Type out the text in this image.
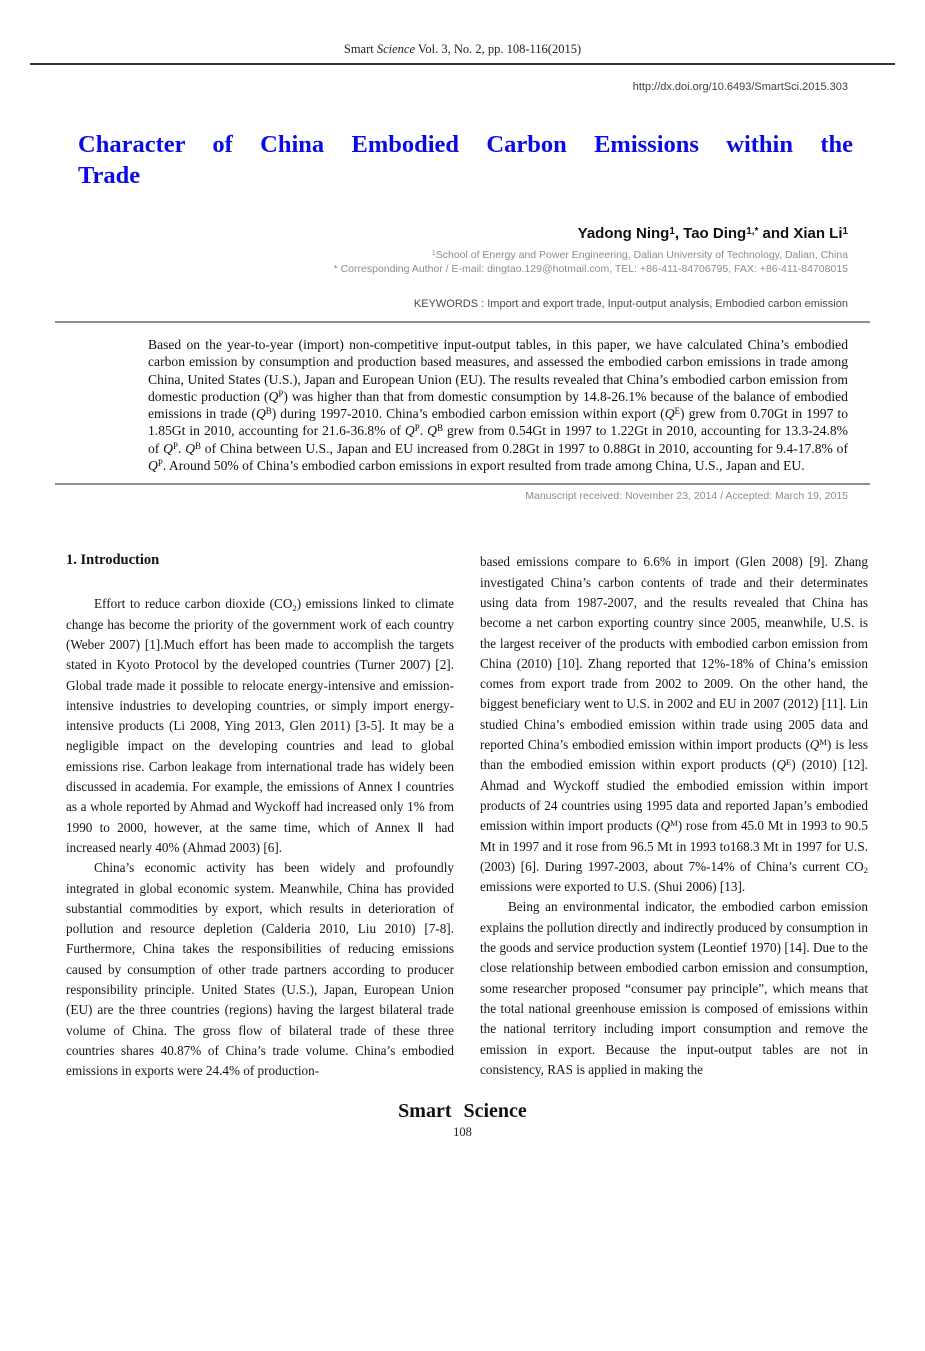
Smart Science Vol. 3, No. 2, pp. 108-116(2015)
http://dx.doi.org/10.6493/SmartSci.2015.303
Character of China Embodied Carbon Emissions within the
Trade
Yadong Ning$^1$, Tao Ding$^{1,*}$ and Xian Li$^1$
$^1$School of Energy and Power Engineering, Dalian University of Technology, Dalian, China
* Corresponding Author / E-mail: dingtao.129@hotmail.com, TEL: +86-411-84706795, FAX: +86-411-84708015
KEYWORDS : Import and export trade, Input-output analysis, Embodied carbon emission
Based on the year-to-year (import) non-competitive input-output tables, in this paper, we have calculated China’s embodied carbon emission by consumption and production based measures, and assessed the embodied carbon emissions in trade among China, United States (U.S.), Japan and European Union (EU). The results revealed that China’s embodied carbon emission from domestic production $(Q^P)$ was higher than that from domestic consumption by 14.8-26.1% because of the balance of embodied emissions in trade $(Q^B)$ during 1997-2010. China’s embodied carbon emission within export $(Q^E)$ grew from 0.70Gt in 1997 to 1.85Gt in 2010, accounting for 21.6-36.8% of $Q^P$. $Q^B$ grew from 0.54Gt in 1997 to 1.22Gt in 2010, accounting for 13.3-24.8% of $Q^P$. $Q^B$ of China between U.S., Japan and EU increased from 0.28Gt in 1997 to 0.88Gt in 2010, accounting for 9.4-17.8% of $Q^P$. Around 50% of China’s embodied carbon emissions in export resulted from trade among China, U.S., Japan and EU.
Manuscript received: November 23, 2014 / Accepted: March 19, 2015
1. Introduction

Effort to reduce carbon dioxide $(CO_2)$ emissions linked to climate change has become the priority of the government work of each country (Weber 2007) [1].Much effort has been made to accomplish the targets stated in Kyoto Protocol by the developed countries (Turner 2007) [2]. Global trade made it possible to relocate energy-intensive and emission-intensive industries to developing countries, or simply import energy-intensive products (Li 2008, Ying 2013, Glen 2011) [3-5]. It may be a negligible impact on the developing countries and lead to global emissions rise. Carbon leakage from international trade has widely been discussed in academia. For example, the emissions of Annex Ⅰ countries as a whole reported by Ahmad and Wyckoff had increased only 1% from 1990 to 2000, however, at the same time, which of Annex Ⅱ had increased nearly 40% (Ahmad 2003) [6].

China’s economic activity has been widely and profoundly integrated in global economic system. Meanwhile, China has provided substantial commodities by export, which results in deterioration of pollution and resource depletion (Calderia 2010, Liu 2010) [7-8]. Furthermore, China takes the responsibilities of reducing emissions caused by consumption of other trade partners according to producer responsibility principle. United States (U.S.), Japan, European Union (EU) are the three countries (regions) having the largest bilateral trade volume of China. The gross flow of bilateral trade of these three countries shares 40.87% of China’s trade volume. China’s embodied emissions in exports were 24.4% of production-

based emissions compare to 6.6% in import (Glen 2008) [9]. Zhang investigated China’s carbon contents of trade and their determinates using data from 1987-2007, and the results revealed that China has become a net carbon exporting country since 2005, meanwhile, U.S. is the largest receiver of the products with embodied carbon emission from China (2010) [10]. Zhang reported that 12%-18% of China’s emission comes from export trade from 2002 to 2009. On the other hand, the biggest beneficiary went to U.S. in 2002 and EU in 2007 (2012) [11]. Lin studied China’s embodied emission within trade using 2005 data and reported China’s embodied emission within import products $(Q^M)$ is less than the embodied emission within export products $(Q^E)$ (2010) [12]. Ahmad and Wyckoff studied the embodied emission within import products of 24 countries using 1995 data and reported Japan’s embodied emission within import products $(Q^M)$ rose from 45.0 Mt in 1993 to 90.5 Mt in 1997 and it rose from 96.5 Mt in 1993 to168.3 Mt in 1997 for U.S. (2003) [6]. During 1997-2003, about 7%-14% of China’s current $CO_2$ emissions were exported to U.S. (Shui 2006) [13].

Being an environmental indicator, the embodied carbon emission explains the pollution directly and indirectly produced by consumption in the goods and service production system (Leontief 1970) [14]. Due to the close relationship between embodied carbon emission and consumption, some researcher proposed “consumer pay principle”, which means that the total national greenhouse emission is composed of emissions within the national territory including import consumption and remove the emission in export. Because the input-output tables are not in consistency, RAS is applied in making the

Smart Science
108
